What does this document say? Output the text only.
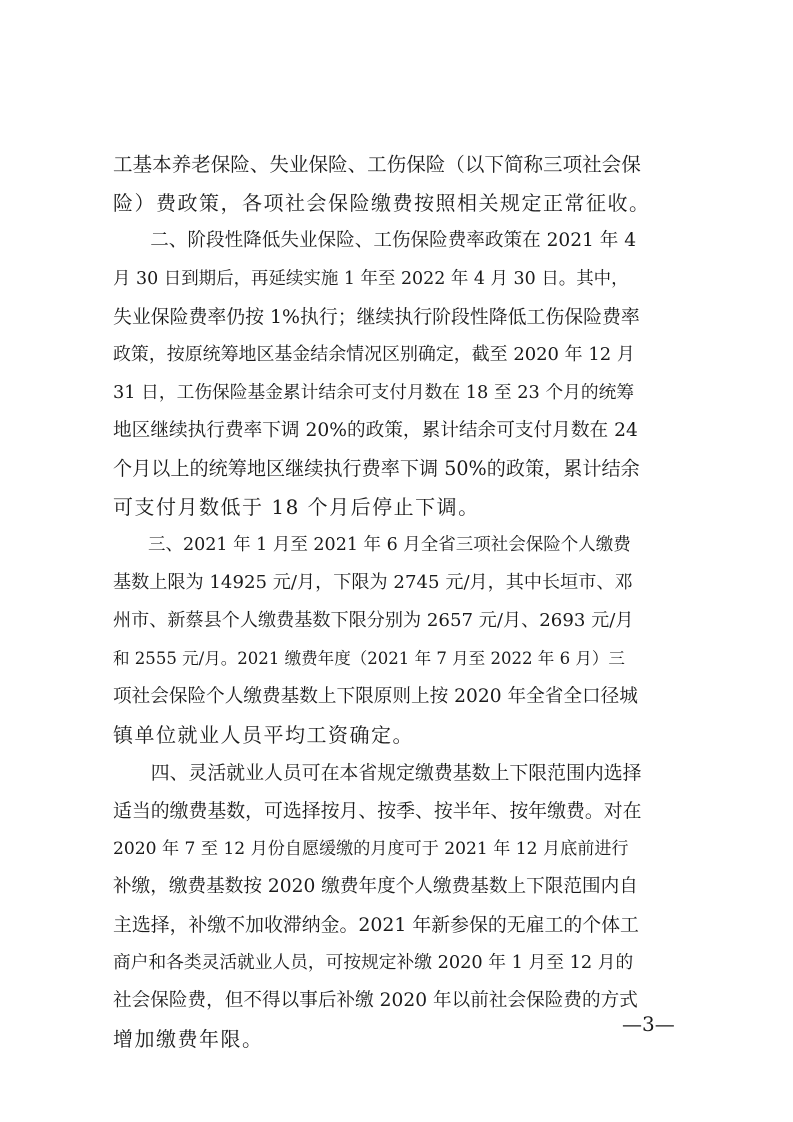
工基本养老保险、失业保险、工伤保险（以下简称三项社会保
险）费政策，各项社会保险缴费按照相关规定正常征收。
　　二、阶段性降低失业保险、工伤保险费率政策在 2021 年 4
月 30 日到期后，再延续实施 1 年至 2022 年 4 月 30 日。其中，
失业保险费率仍按 1%执行；继续执行阶段性降低工伤保险费率
政策，按原统筹地区基金结余情况区别确定，截至 2020 年 12 月
31 日，工伤保险基金累计结余可支付月数在 18 至 23 个月的统筹
地区继续执行费率下调 20%的政策，累计结余可支付月数在 24
个月以上的统筹地区继续执行费率下调 50%的政策，累计结余
可支付月数低于 18 个月后停止下调。
　　三、2021 年 1 月至 2021 年 6 月全省三项社会保险个人缴费
基数上限为 14925 元/月，下限为 2745 元/月，其中长垣市、邓
州市、新蔡县个人缴费基数下限分别为 2657 元/月、2693 元/月
和 2555 元/月。2021 缴费年度（2021 年 7 月至 2022 年 6 月）三
项社会保险个人缴费基数上下限原则上按 2020 年全省全口径城
镇单位就业人员平均工资确定。
　　四、灵活就业人员可在本省规定缴费基数上下限范围内选择
适当的缴费基数，可选择按月、按季、按半年、按年缴费。对在
2020 年 7 至 12 月份自愿缓缴的月度可于 2021 年 12 月底前进行
补缴，缴费基数按 2020 缴费年度个人缴费基数上下限范围内自
主选择，补缴不加收滞纳金。2021 年新参保的无雇工的个体工
商户和各类灵活就业人员，可按规定补缴 2020 年 1 月至 12 月的
社会保险费，但不得以事后补缴 2020 年以前社会保险费的方式
增加缴费年限。
—3—
